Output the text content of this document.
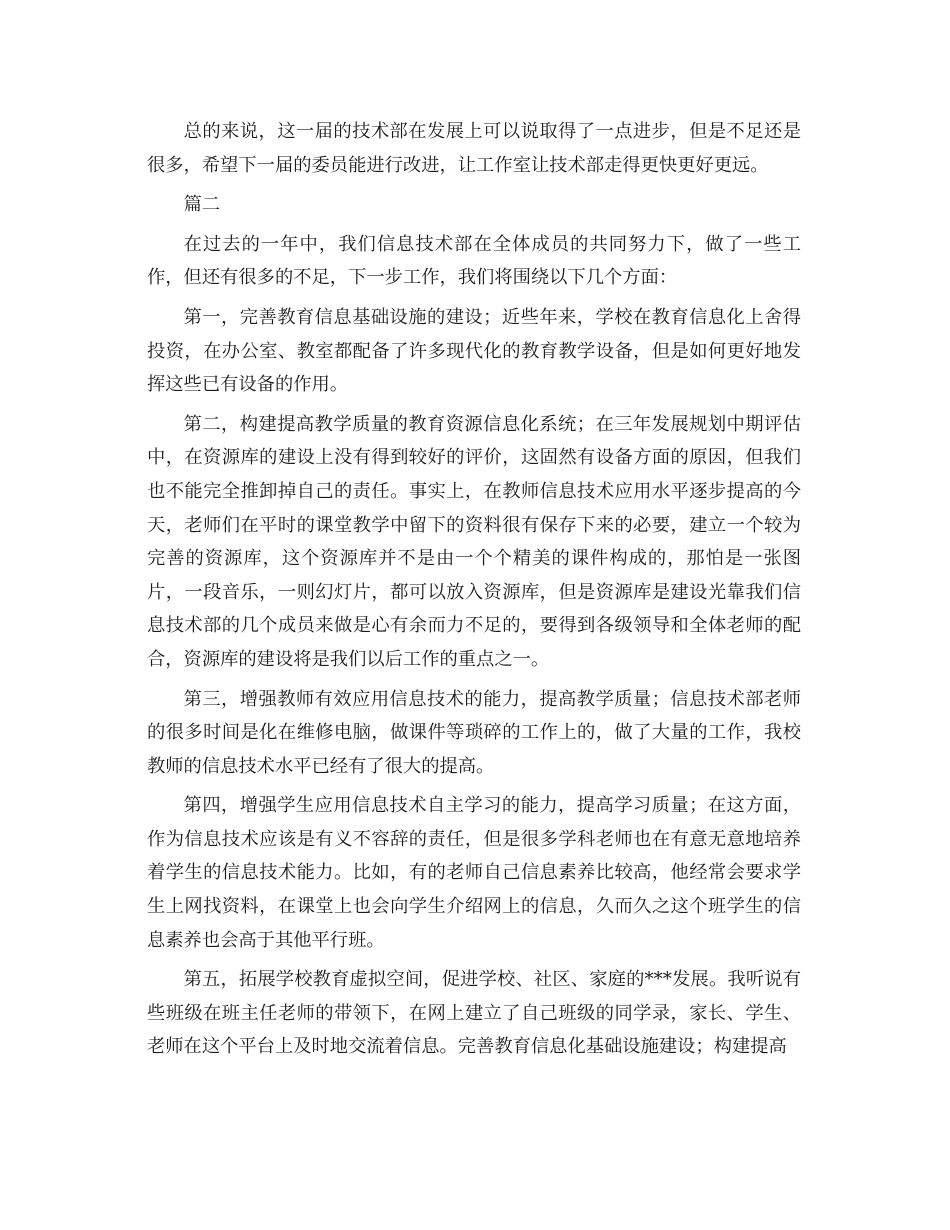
总的来说，这一届的技术部在发展上可以说取得了一点进步，但是不足还是很多，希望下一届的委员能进行改进，让工作室让技术部走得更快更好更远。

篇二

在过去的一年中，我们信息技术部在全体成员的共同努力下，做了一些工作，但还有很多的不足，下一步工作，我们将围绕以下几个方面：

第一，完善教育信息基础设施的建设；近些年来，学校在教育信息化上舍得投资，在办公室、教室都配备了许多现代化的教育教学设备，但是如何更好地发挥这些已有设备的作用。

第二，构建提高教学质量的教育资源信息化系统；在三年发展规划中期评估中，在资源库的建设上没有得到较好的评价，这固然有设备方面的原因，但我们也不能完全推卸掉自己的责任。事实上，在教师信息技术应用水平逐步提高的今天，老师们在平时的课堂教学中留下的资料很有保存下来的必要，建立一个较为完善的资源库，这个资源库并不是由一个个精美的课件构成的，那怕是一张图片，一段音乐，一则幻灯片，都可以放入资源库，但是资源库是建设光靠我们信息技术部的几个成员来做是心有余而力不足的，要得到各级领导和全体老师的配合，资源库的建设将是我们以后工作的重点之一。

第三，增强教师有效应用信息技术的能力，提高教学质量；信息技术部老师的很多时间是化在维修电脑，做课件等琐碎的工作上的，做了大量的工作，我校教师的信息技术水平已经有了很大的提高。

第四，增强学生应用信息技术自主学习的能力，提高学习质量；在这方面，作为信息技术应该是有义不容辞的责任，但是很多学科老师也在有意无意地培养着学生的信息技术能力。比如，有的老师自己信息素养比较高，他经常会要求学生上网找资料，在课堂上也会向学生介绍网上的信息，久而久之这个班学生的信息素养也会高于其他平行班。

第五，拓展学校教育虚拟空间，促进学校、社区、家庭的***发展。我听说有些班级在班主任老师的带领下，在网上建立了自己班级的同学录，家长、学生、老师在这个平台上及时地交流着信息。完善教育信息化基础设施建设；构建提高
